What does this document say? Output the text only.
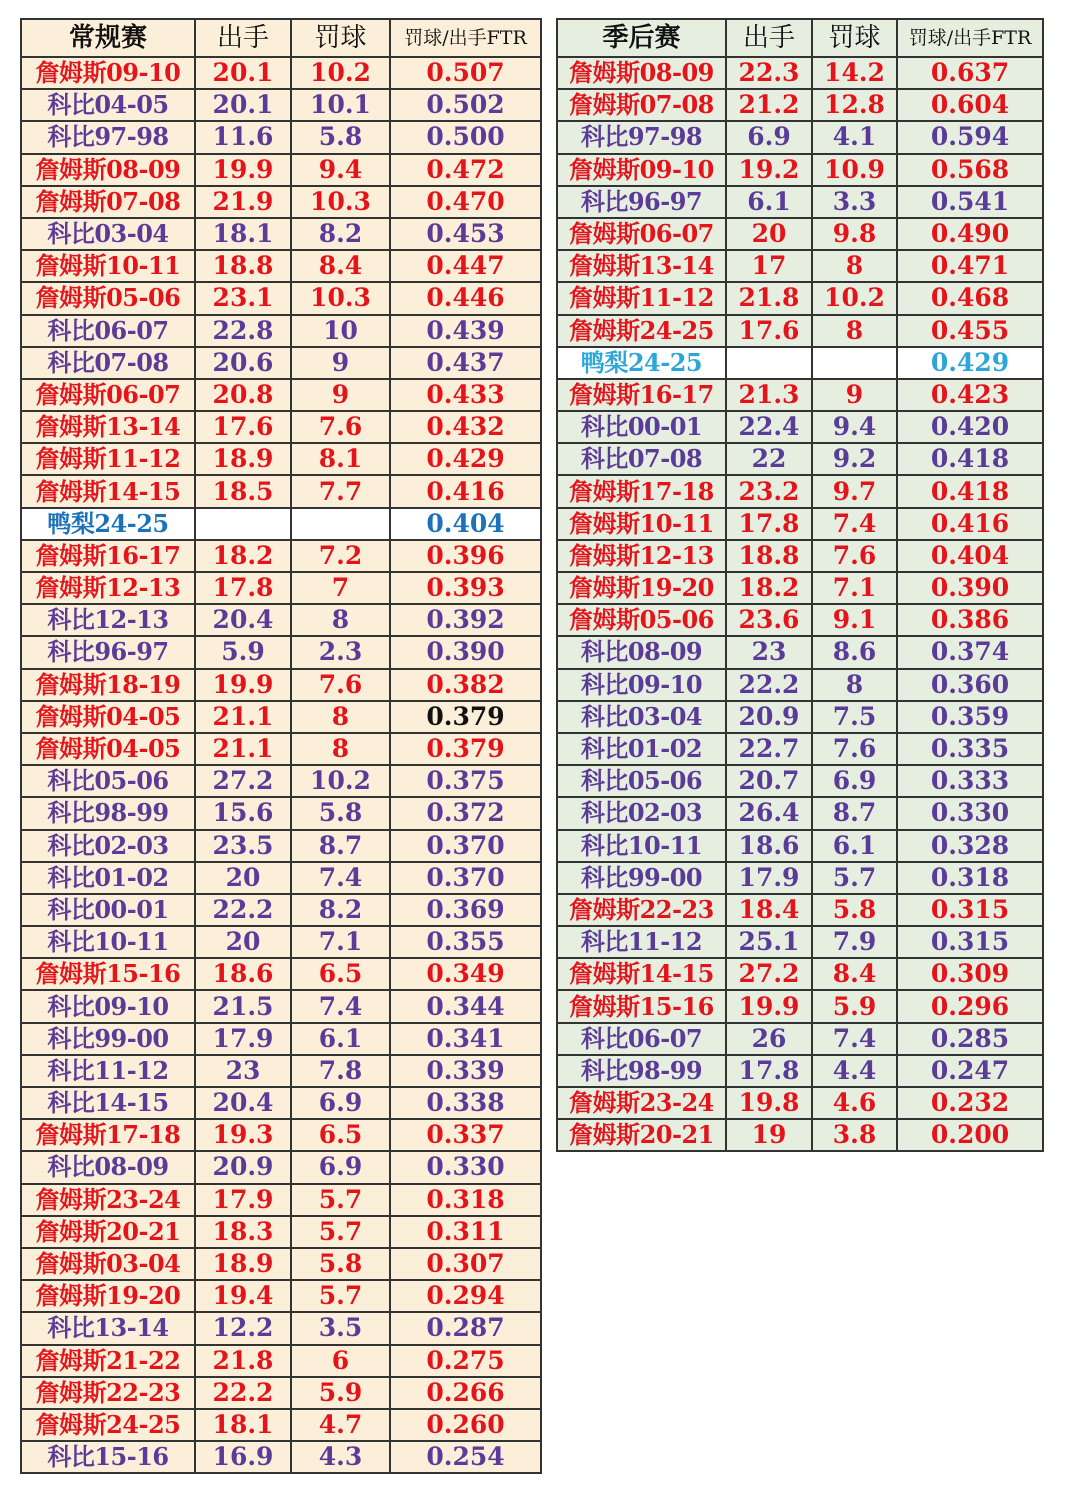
常规赛	出手	罚球	罚球/出手FTR
詹姆斯09-10	20.1	10.2	0.507
科比04-05	20.1	10.1	0.502
科比97-98	11.6	5.8	0.500
詹姆斯08-09	19.9	9.4	0.472
詹姆斯07-08	21.9	10.3	0.470
科比03-04	18.1	8.2	0.453
詹姆斯10-11	18.8	8.4	0.447
詹姆斯05-06	23.1	10.3	0.446
科比06-07	22.8	10	0.439
科比07-08	20.6	9	0.437
詹姆斯06-07	20.8	9	0.433
詹姆斯13-14	17.6	7.6	0.432
詹姆斯11-12	18.9	8.1	0.429
詹姆斯14-15	18.5	7.7	0.416
鸭梨24-25			0.404
詹姆斯16-17	18.2	7.2	0.396
詹姆斯12-13	17.8	7	0.393
科比12-13	20.4	8	0.392
科比96-97	5.9	2.3	0.390
詹姆斯18-19	19.9	7.6	0.382
詹姆斯04-05	21.1	8	0.379
詹姆斯04-05	21.1	8	0.379
科比05-06	27.2	10.2	0.375
科比98-99	15.6	5.8	0.372
科比02-03	23.5	8.7	0.370
科比01-02	20	7.4	0.370
科比00-01	22.2	8.2	0.369
科比10-11	20	7.1	0.355
詹姆斯15-16	18.6	6.5	0.349
科比09-10	21.5	7.4	0.344
科比99-00	17.9	6.1	0.341
科比11-12	23	7.8	0.339
科比14-15	20.4	6.9	0.338
詹姆斯17-18	19.3	6.5	0.337
科比08-09	20.9	6.9	0.330
詹姆斯23-24	17.9	5.7	0.318
詹姆斯20-21	18.3	5.7	0.311
詹姆斯03-04	18.9	5.8	0.307
詹姆斯19-20	19.4	5.7	0.294
科比13-14	12.2	3.5	0.287
詹姆斯21-22	21.8	6	0.275
詹姆斯22-23	22.2	5.9	0.266
詹姆斯24-25	18.1	4.7	0.260
科比15-16	16.9	4.3	0.254
季后赛	出手	罚球	罚球/出手FTR
詹姆斯08-09	22.3	14.2	0.637
詹姆斯07-08	21.2	12.8	0.604
科比97-98	6.9	4.1	0.594
詹姆斯09-10	19.2	10.9	0.568
科比96-97	6.1	3.3	0.541
詹姆斯06-07	20	9.8	0.490
詹姆斯13-14	17	8	0.471
詹姆斯11-12	21.8	10.2	0.468
詹姆斯24-25	17.6	8	0.455
鸭梨24-25			0.429
詹姆斯16-17	21.3	9	0.423
科比00-01	22.4	9.4	0.420
科比07-08	22	9.2	0.418
詹姆斯17-18	23.2	9.7	0.418
詹姆斯10-11	17.8	7.4	0.416
詹姆斯12-13	18.8	7.6	0.404
詹姆斯19-20	18.2	7.1	0.390
詹姆斯05-06	23.6	9.1	0.386
科比08-09	23	8.6	0.374
科比09-10	22.2	8	0.360
科比03-04	20.9	7.5	0.359
科比01-02	22.7	7.6	0.335
科比05-06	20.7	6.9	0.333
科比02-03	26.4	8.7	0.330
科比10-11	18.6	6.1	0.328
科比99-00	17.9	5.7	0.318
詹姆斯22-23	18.4	5.8	0.315
科比11-12	25.1	7.9	0.315
詹姆斯14-15	27.2	8.4	0.309
詹姆斯15-16	19.9	5.9	0.296
科比06-07	26	7.4	0.285
科比98-99	17.8	4.4	0.247
詹姆斯23-24	19.8	4.6	0.232
詹姆斯20-21	19	3.8	0.200
